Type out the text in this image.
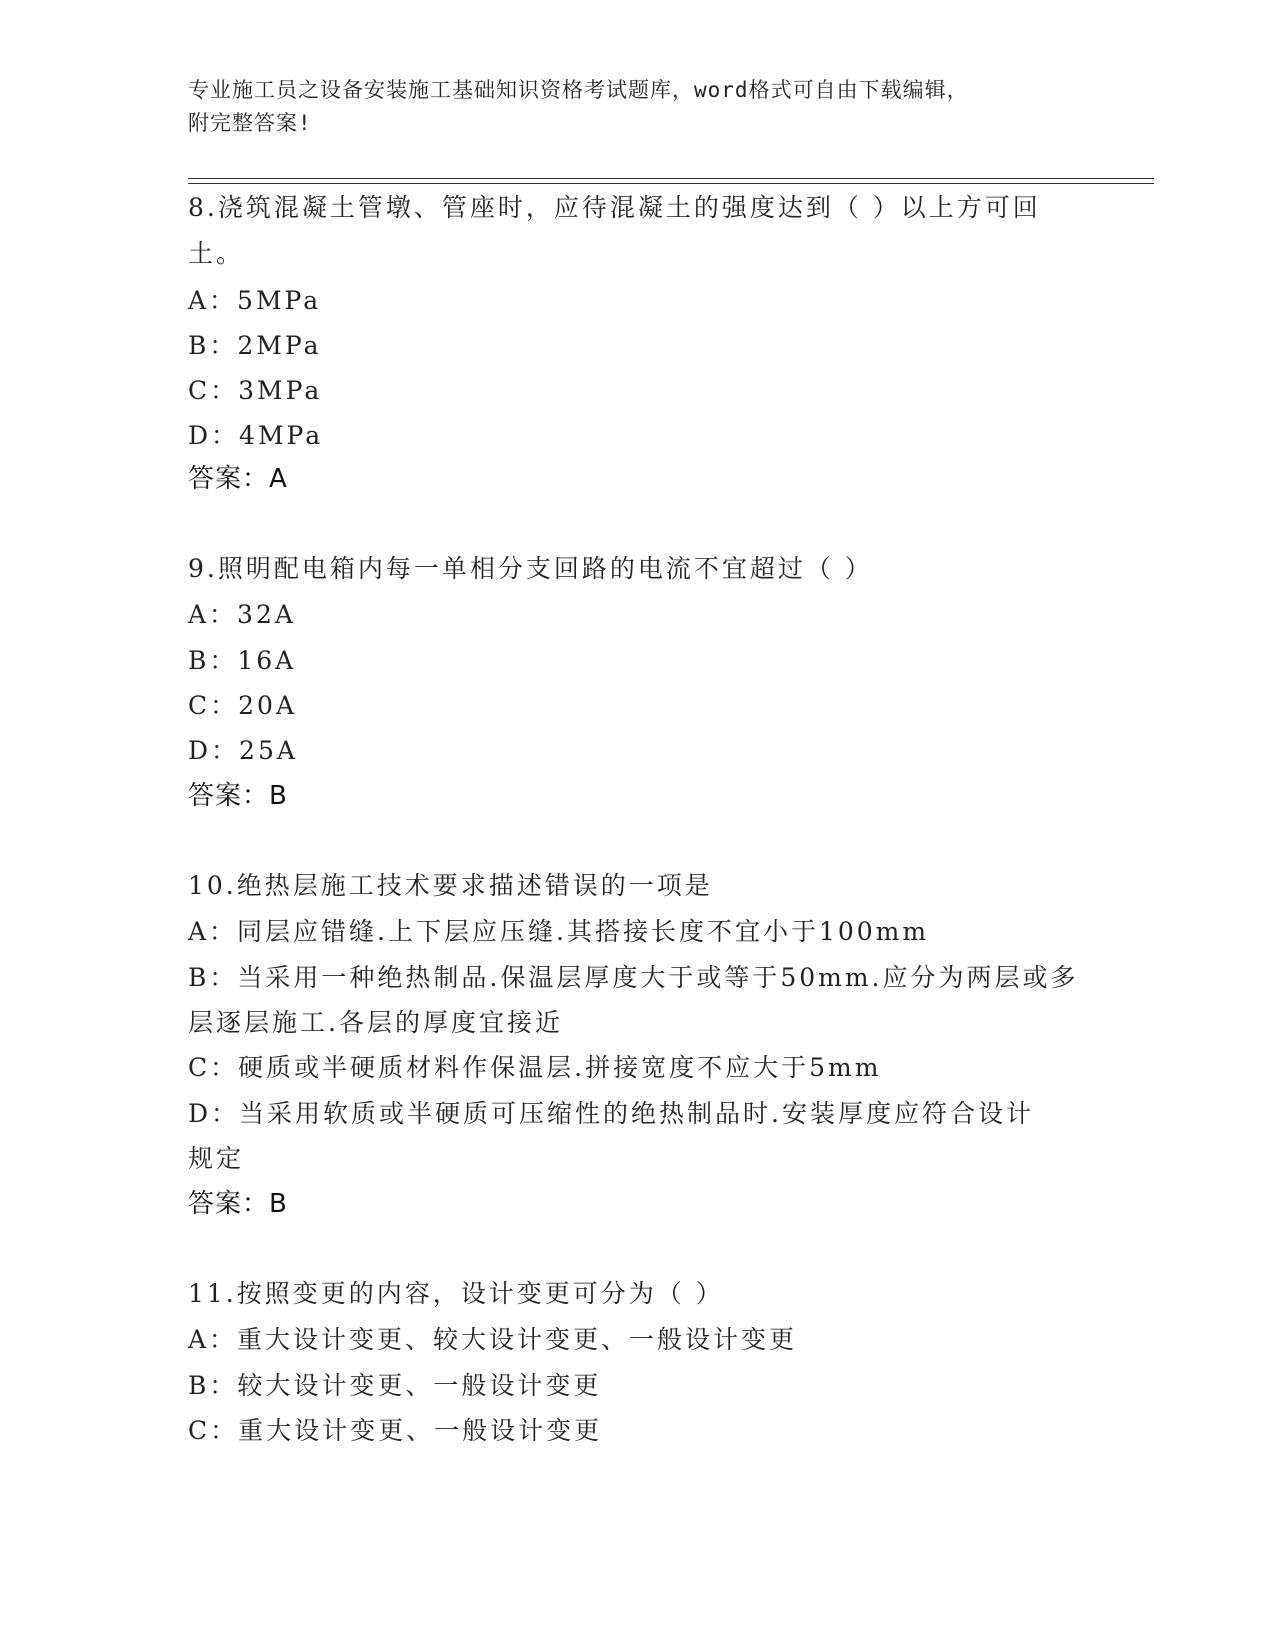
专业施工员之设备安装施工基础知识资格考试题库，word格式可自由下载编辑，
附完整答案!
8.浇筑混凝土管墩、管座时，应待混凝土的强度达到（ ）以上方可回
土。
A：5MPa
B：2MPa
C：3MPa
D：4MPa
答案：A
9.照明配电箱内每一单相分支回路的电流不宜超过（ ）
A：32A
B：16A
C：20A
D：25A
答案：B
10.绝热层施工技术要求描述错误的一项是
A：同层应错缝.上下层应压缝.其搭接长度不宜小于100mm
B：当采用一种绝热制品.保温层厚度大于或等于50mm.应分为两层或多
层逐层施工.各层的厚度宜接近
C：硬质或半硬质材料作保温层.拼接宽度不应大于5mm
D：当采用软质或半硬质可压缩性的绝热制品时.安装厚度应符合设计
规定
答案：B
11.按照变更的内容，设计变更可分为（ ）
A：重大设计变更、较大设计变更、一般设计变更
B：较大设计变更、一般设计变更
C：重大设计变更、一般设计变更
